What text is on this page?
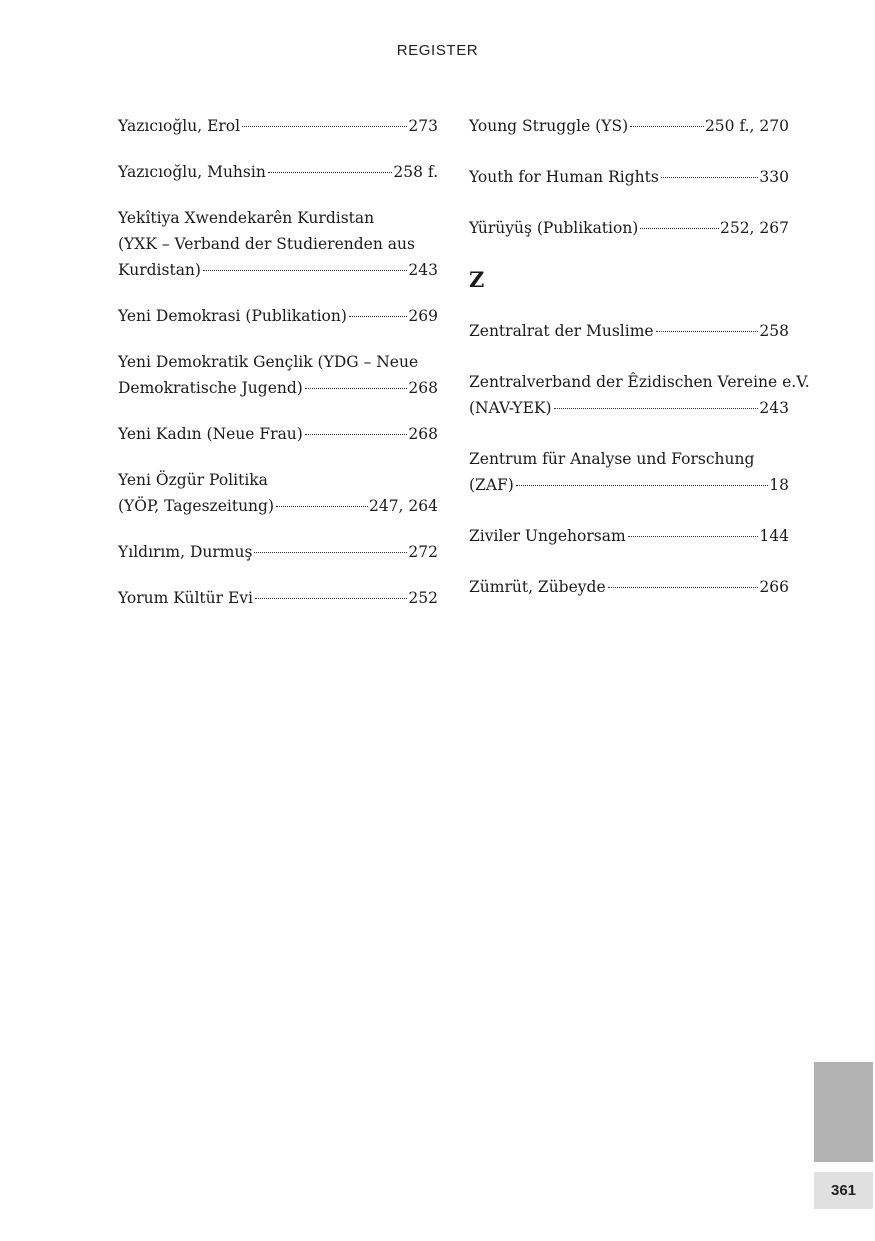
REGISTER
Yazıcıoğlu, Erol	273
Yazıcıoğlu, Muhsin	258 f.
Yekîtiya Xwendekarên Kurdistan
(YXK – Verband der Studierenden aus
Kurdistan)	243
Yeni Demokrasi (Publikation)	269
Yeni Demokratik Gençlik (YDG – Neue
Demokratische Jugend)	268
Yeni Kadın (Neue Frau)	268
Yeni Özgür Politika
(YÖP, Tageszeitung)	247, 264
Yıldırım, Durmuş	272
Yorum Kültür Evi	252
Young Struggle (YS)	250 f., 270
Youth for Human Rights	330
Yürüyüş (Publikation)	252, 267
Z
Zentralrat der Muslime	258
Zentralverband der Êzidischen Vereine e.V.
(NAV-YEK)	243
Zentrum für Analyse und Forschung
(ZAF)	18
Ziviler Ungehorsam	144
Zümrüt, Zübeyde	266
361
